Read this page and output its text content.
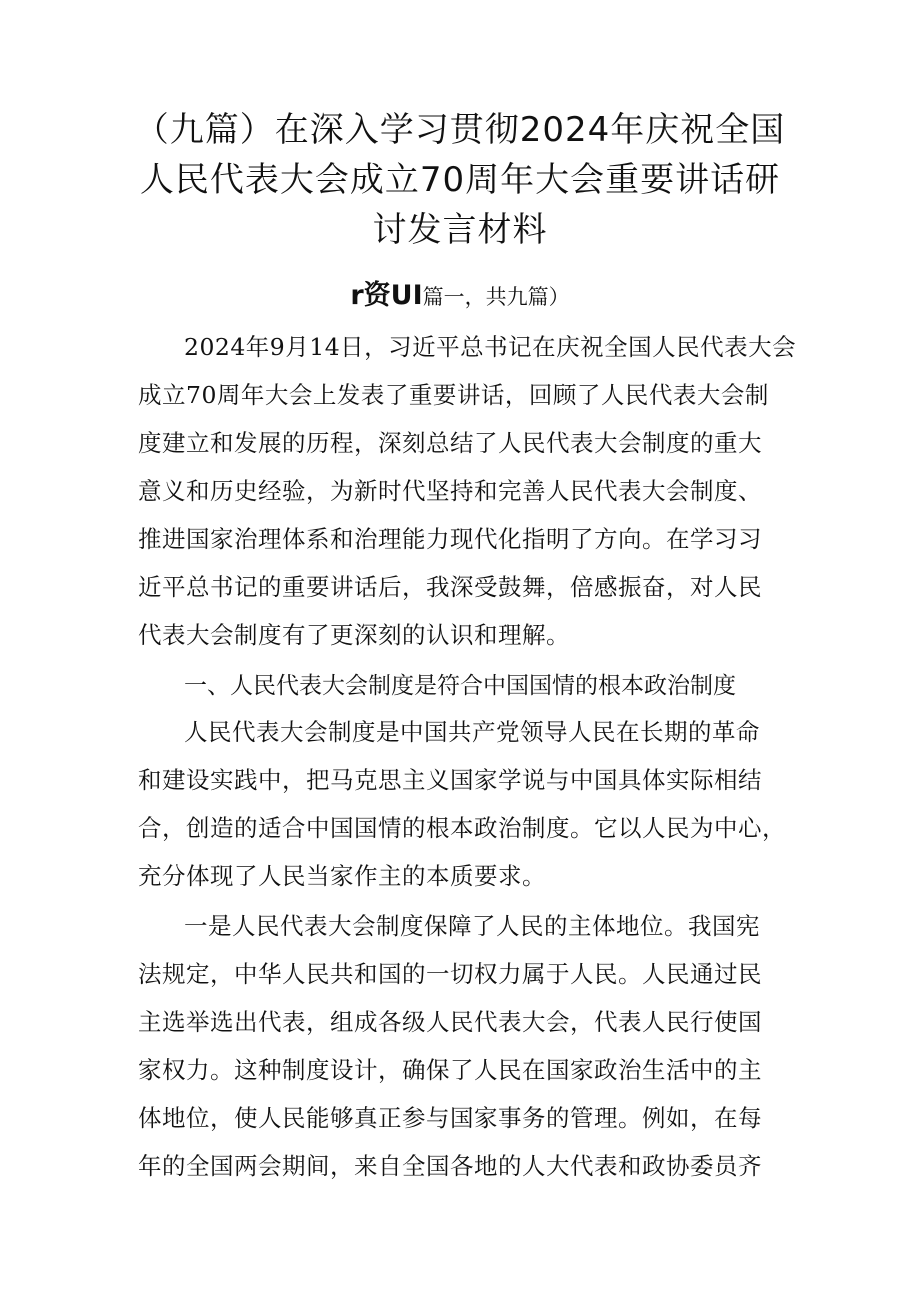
（九篇）在深入学习贯彻2024年庆祝全国
人民代表大会成立70周年大会重要讲话研
讨发言材料
r资UI篇一，共九篇）

2024年9月14日，习近平总书记在庆祝全国人民代表大会

成立70周年大会上发表了重要讲话，回顾了人民代表大会制

度建立和发展的历程，深刻总结了人民代表大会制度的重大

意义和历史经验，为新时代坚持和完善人民代表大会制度、

推进国家治理体系和治理能力现代化指明了方向。在学习习

近平总书记的重要讲话后，我深受鼓舞，倍感振奋，对人民

代表大会制度有了更深刻的认识和理解。

一、人民代表大会制度是符合中国国情的根本政治制度

人民代表大会制度是中国共产党领导人民在长期的革命

和建设实践中，把马克思主义国家学说与中国具体实际相结

合，创造的适合中国国情的根本政治制度。它以人民为中心，

充分体现了人民当家作主的本质要求。

一是人民代表大会制度保障了人民的主体地位。我国宪

法规定，中华人民共和国的一切权力属于人民。人民通过民

主选举选出代表，组成各级人民代表大会，代表人民行使国

家权力。这种制度设计，确保了人民在国家政治生活中的主

体地位，使人民能够真正参与国家事务的管理。例如，在每

年的全国两会期间，来自全国各地的人大代表和政协委员齐
